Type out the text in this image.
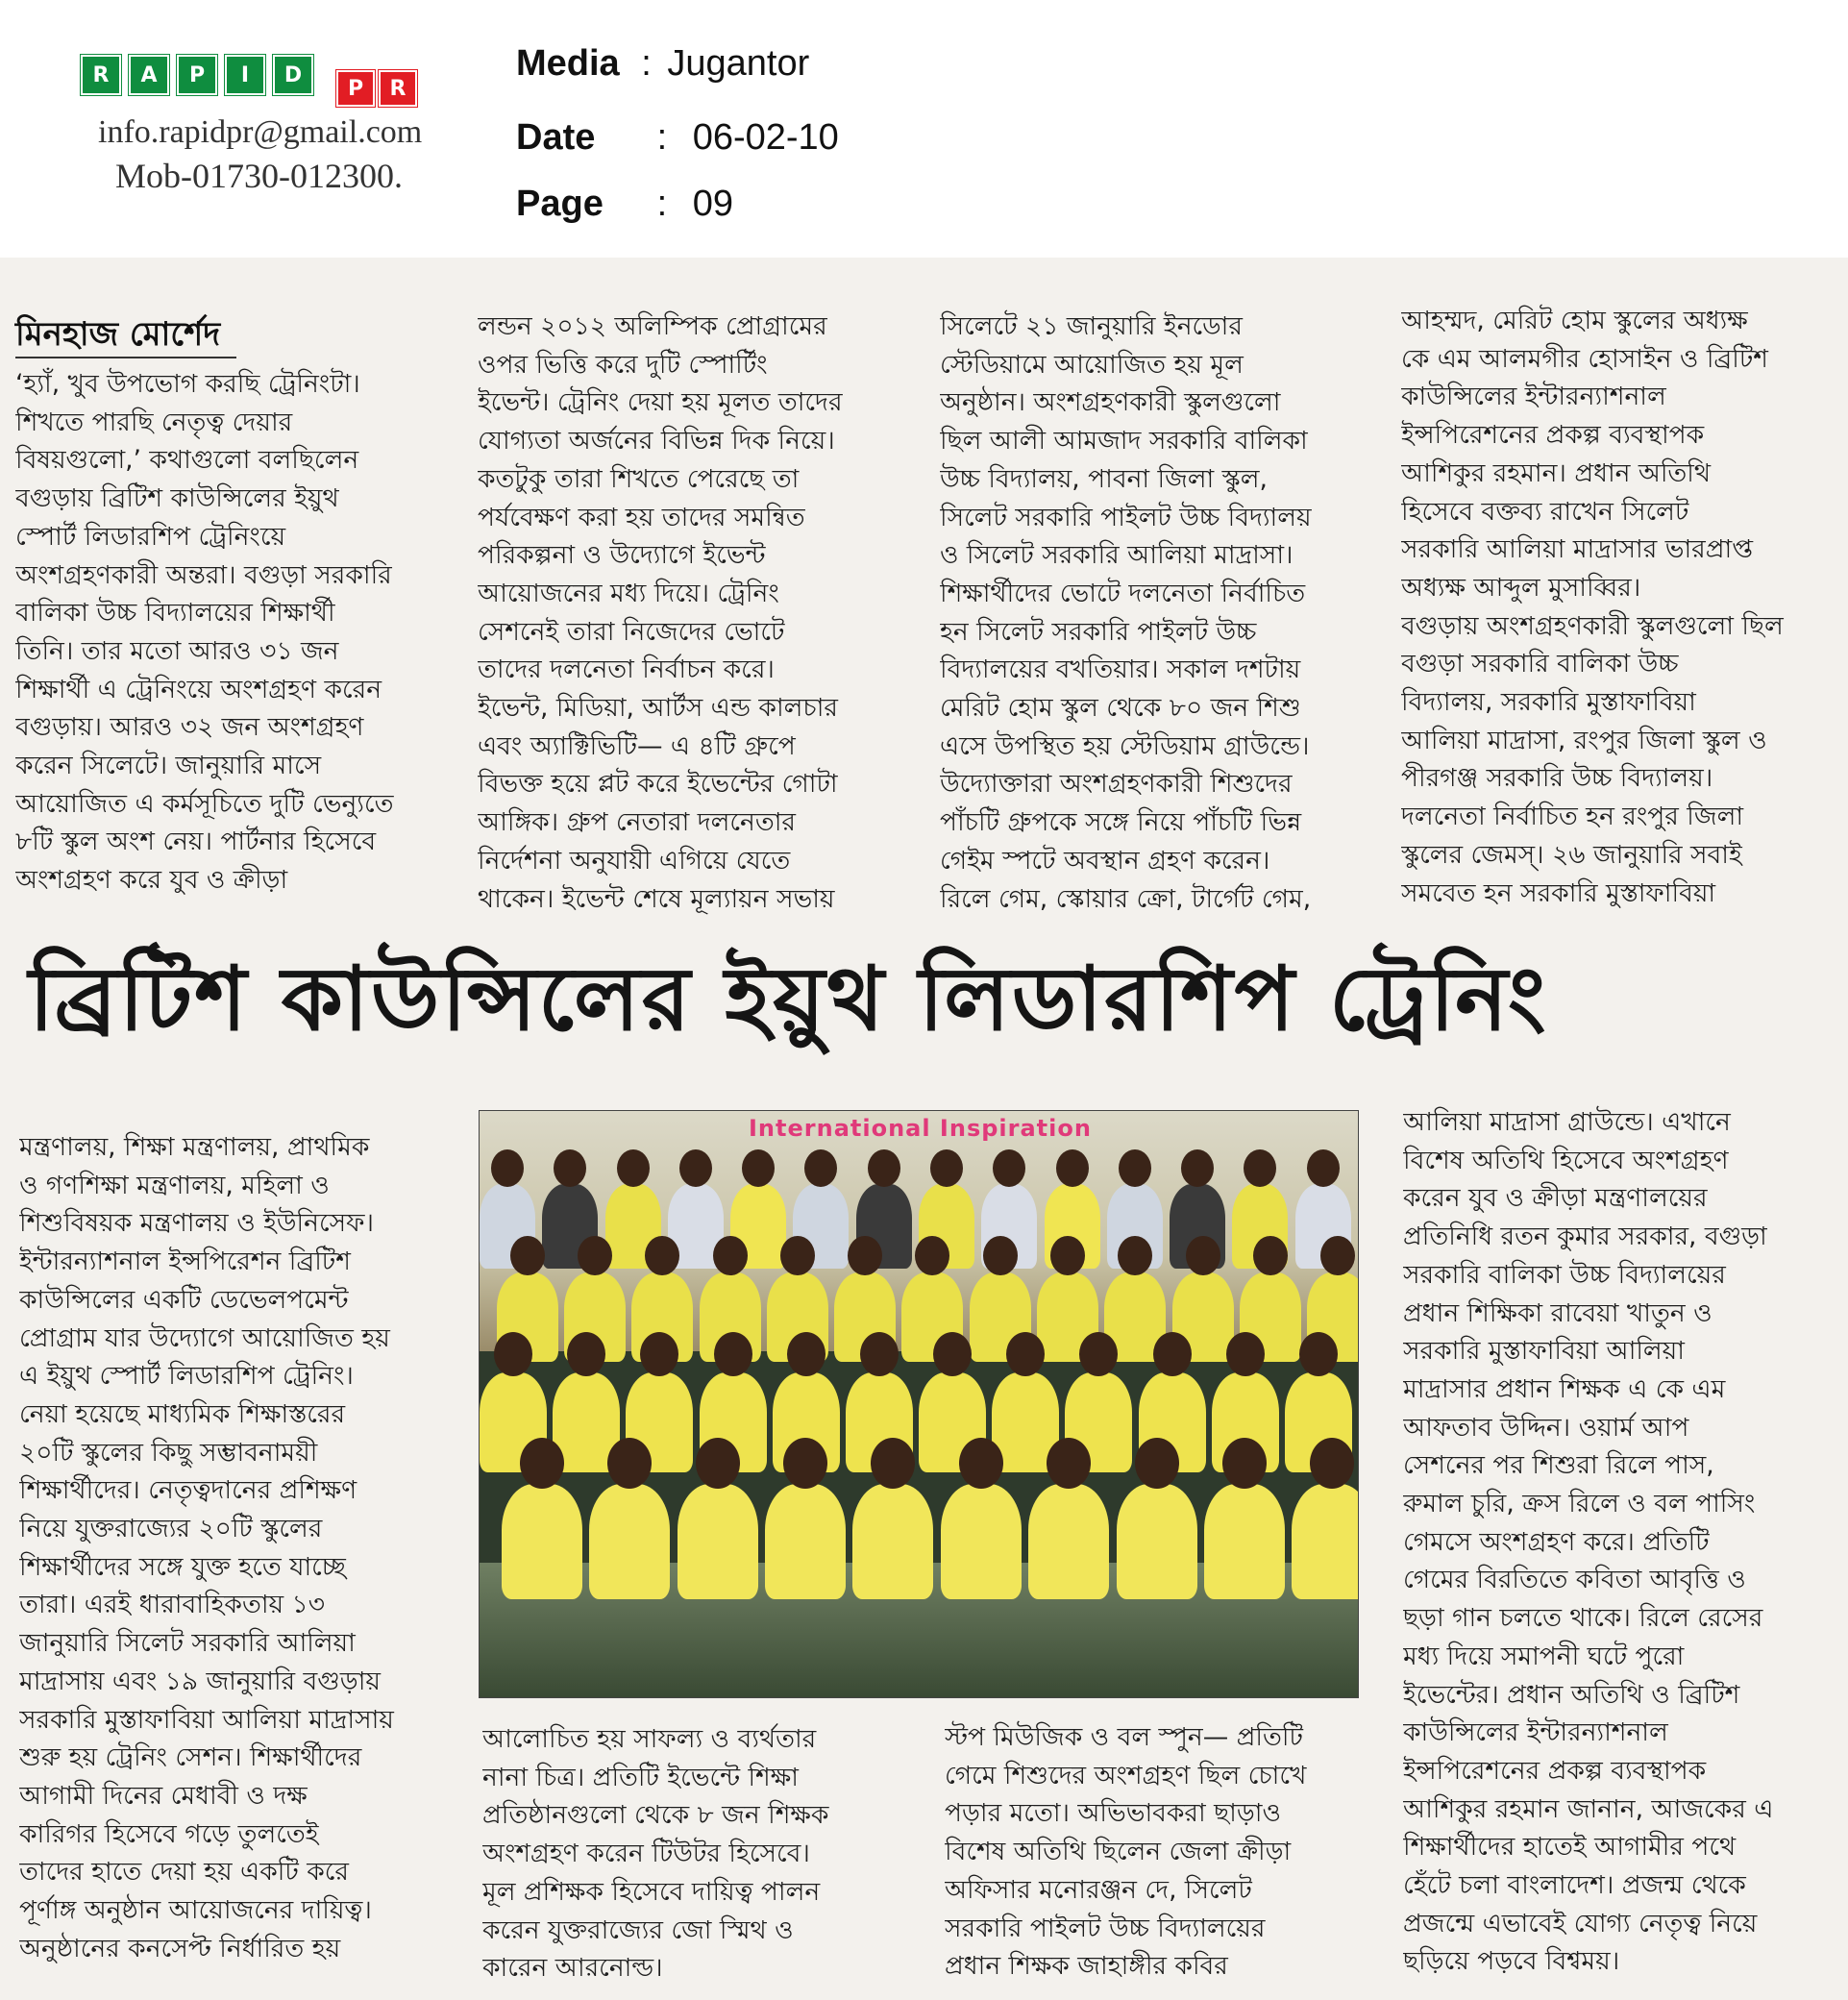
R	A	P	I	D
P	R
info.rapidpr@gmail.com
Mob-01730-012300.
Media : Jugantor
Date : 06-02-10
Page : 09
মিনহাজ মোর্শেদ
‘হ্যাঁ, খুব উপভোগ করছি ট্রেনিংটা।
শিখতে পারছি নেতৃত্ব দেয়ার
বিষয়গুলো,’ কথাগুলো বলছিলেন
বগুড়ায় ব্রিটিশ কাউন্সিলের ইয়ুথ
স্পোর্ট লিডারশিপ ট্রেনিংয়ে
অংশগ্রহণকারী অন্তরা। বগুড়া সরকারি
বালিকা উচ্চ বিদ্যালয়ের শিক্ষার্থী
তিনি। তার মতো আরও ৩১ জন
শিক্ষার্থী এ ট্রেনিংয়ে অংশগ্রহণ করেন
বগুড়ায়। আরও ৩২ জন অংশগ্রহণ
করেন সিলেটে। জানুয়ারি মাসে
আয়োজিত এ কর্মসূচিতে দুটি ভেন্যুতে
৮টি স্কুল অংশ নেয়। পার্টনার হিসেবে
অংশগ্রহণ করে যুব ও ক্রীড়া
লন্ডন ২০১২ অলিম্পিক প্রোগ্রামের
ওপর ভিত্তি করে দুটি স্পোর্টিং
ইভেন্ট। ট্রেনিং দেয়া হয় মূলত তাদের
যোগ্যতা অর্জনের বিভিন্ন দিক নিয়ে।
কতটুকু তারা শিখতে পেরেছে তা
পর্যবেক্ষণ করা হয় তাদের সমন্বিত
পরিকল্পনা ও উদ্যোগে ইভেন্ট
আয়োজনের মধ্য দিয়ে। ট্রেনিং
সেশনেই তারা নিজেদের ভোটে
তাদের দলনেতা নির্বাচন করে।
ইভেন্ট, মিডিয়া, আর্টস এন্ড কালচার
এবং অ্যাক্টিভিটি— এ ৪টি গ্রুপে
বিভক্ত হয়ে প্লট করে ইভেন্টের গোটা
আঙ্গিক। গ্রুপ নেতারা দলনেতার
নির্দেশনা অনুযায়ী এগিয়ে যেতে
থাকেন। ইভেন্ট শেষে মূল্যায়ন সভায়
সিলেটে ২১ জানুয়ারি ইনডোর
স্টেডিয়ামে আয়োজিত হয় মূল
অনুষ্ঠান। অংশগ্রহণকারী স্কুলগুলো
ছিল আলী আমজাদ সরকারি বালিকা
উচ্চ বিদ্যালয়, পাবনা জিলা স্কুল,
সিলেট সরকারি পাইলট উচ্চ বিদ্যালয়
ও সিলেট সরকারি আলিয়া মাদ্রাসা।
শিক্ষার্থীদের ভোটে দলনেতা নির্বাচিত
হন সিলেট সরকারি পাইলট উচ্চ
বিদ্যালয়ের বখতিয়ার। সকাল দশটায়
মেরিট হোম স্কুল থেকে ৮০ জন শিশু
এসে উপস্থিত হয় স্টেডিয়াম গ্রাউন্ডে।
উদ্যোক্তারা অংশগ্রহণকারী শিশুদের
পাঁচটি গ্রুপকে সঙ্গে নিয়ে পাঁচটি ভিন্ন
গেইম স্পটে অবস্থান গ্রহণ করেন।
রিলে গেম, স্কোয়ার ক্রো, টার্গেট গেম,
আহম্মদ, মেরিট হোম স্কুলের অধ্যক্ষ
কে এম আলমগীর হোসাইন ও ব্রিটিশ
কাউন্সিলের ইন্টারন্যাশনাল
ইন্সপিরেশনের প্রকল্প ব্যবস্থাপক
আশিকুর রহমান। প্রধান অতিথি
হিসেবে বক্তব্য রাখেন সিলেট
সরকারি আলিয়া মাদ্রাসার ভারপ্রাপ্ত
অধ্যক্ষ আব্দুল মুসাব্বির।
বগুড়ায় অংশগ্রহণকারী স্কুলগুলো ছিল
বগুড়া সরকারি বালিকা উচ্চ
বিদ্যালয়, সরকারি মুস্তাফাবিয়া
আলিয়া মাদ্রাসা, রংপুর জিলা স্কুল ও
পীরগঞ্জ সরকারি উচ্চ বিদ্যালয়।
দলনেতা নির্বাচিত হন রংপুর জিলা
স্কুলের জেমস্। ২৬ জানুয়ারি সবাই
সমবেত হন সরকারি মুস্তাফাবিয়া
ব্রিটিশ কাউন্সিলের ইয়ুথ লিডারশিপ ট্রেনিং
মন্ত্রণালয়, শিক্ষা মন্ত্রণালয়, প্রাথমিক
ও গণশিক্ষা মন্ত্রণালয়, মহিলা ও
শিশুবিষয়ক মন্ত্রণালয় ও ইউনিসেফ।
ইন্টারন্যাশনাল ইন্সপিরেশন ব্রিটিশ
কাউন্সিলের একটি ডেভেলপমেন্ট
প্রোগ্রাম যার উদ্যোগে আয়োজিত হয়
এ ইয়ুথ স্পোর্ট লিডারশিপ ট্রেনিং।
নেয়া হয়েছে মাধ্যমিক শিক্ষাস্তরের
২০টি স্কুলের কিছু সম্ভাবনাময়ী
শিক্ষার্থীদের। নেতৃত্বদানের প্রশিক্ষণ
নিয়ে যুক্তরাজ্যের ২০টি স্কুলের
শিক্ষার্থীদের সঙ্গে যুক্ত হতে যাচ্ছে
তারা। এরই ধারাবাহিকতায় ১৩
জানুয়ারি সিলেট সরকারি আলিয়া
মাদ্রাসায় এবং ১৯ জানুয়ারি বগুড়ায়
সরকারি মুস্তাফাবিয়া আলিয়া মাদ্রাসায়
শুরু হয় ট্রেনিং সেশন। শিক্ষার্থীদের
আগামী দিনের মেধাবী ও দক্ষ
কারিগর হিসেবে গড়ে তুলতেই
তাদের হাতে দেয়া হয় একটি করে
পূর্ণাঙ্গ অনুষ্ঠান আয়োজনের দায়িত্ব।
অনুষ্ঠানের কনসেপ্ট নির্ধারিত হয়
International Inspiration
আলোচিত হয় সাফল্য ও ব্যর্থতার
নানা চিত্র। প্রতিটি ইভেন্টে শিক্ষা
প্রতিষ্ঠানগুলো থেকে ৮ জন শিক্ষক
অংশগ্রহণ করেন টিউটর হিসেবে।
মূল প্রশিক্ষক হিসেবে দায়িত্ব পালন
করেন যুক্তরাজ্যের জো স্মিথ ও
কারেন আরনোল্ড।
স্টপ মিউজিক ও বল স্পুন— প্রতিটি
গেমে শিশুদের অংশগ্রহণ ছিল চোখে
পড়ার মতো। অভিভাবকরা ছাড়াও
বিশেষ অতিথি ছিলেন জেলা ক্রীড়া
অফিসার মনোরঞ্জন দে, সিলেট
সরকারি পাইলট উচ্চ বিদ্যালয়ের
প্রধান শিক্ষক জাহাঙ্গীর কবির
আলিয়া মাদ্রাসা গ্রাউন্ডে। এখানে
বিশেষ অতিথি হিসেবে অংশগ্রহণ
করেন যুব ও ক্রীড়া মন্ত্রণালয়ের
প্রতিনিধি রতন কুমার সরকার, বগুড়া
সরকারি বালিকা উচ্চ বিদ্যালয়ের
প্রধান শিক্ষিকা রাবেয়া খাতুন ও
সরকারি মুস্তাফাবিয়া আলিয়া
মাদ্রাসার প্রধান শিক্ষক এ কে এম
আফতাব উদ্দিন। ওয়ার্ম আপ
সেশনের পর শিশুরা রিলে পাস,
রুমাল চুরি, ক্রস রিলে ও বল পাসিং
গেমসে অংশগ্রহণ করে। প্রতিটি
গেমের বিরতিতে কবিতা আবৃত্তি ও
ছড়া গান চলতে থাকে। রিলে রেসের
মধ্য দিয়ে সমাপনী ঘটে পুরো
ইভেন্টের। প্রধান অতিথি ও ব্রিটিশ
কাউন্সিলের ইন্টারন্যাশনাল
ইন্সপিরেশনের প্রকল্প ব্যবস্থাপক
আশিকুর রহমান জানান, আজকের এ
শিক্ষার্থীদের হাতেই আগামীর পথে
হেঁটে চলা বাংলাদেশ। প্রজন্ম থেকে
প্রজন্মে এভাবেই যোগ্য নেতৃত্ব নিয়ে
ছড়িয়ে পড়বে বিশ্বময়।
